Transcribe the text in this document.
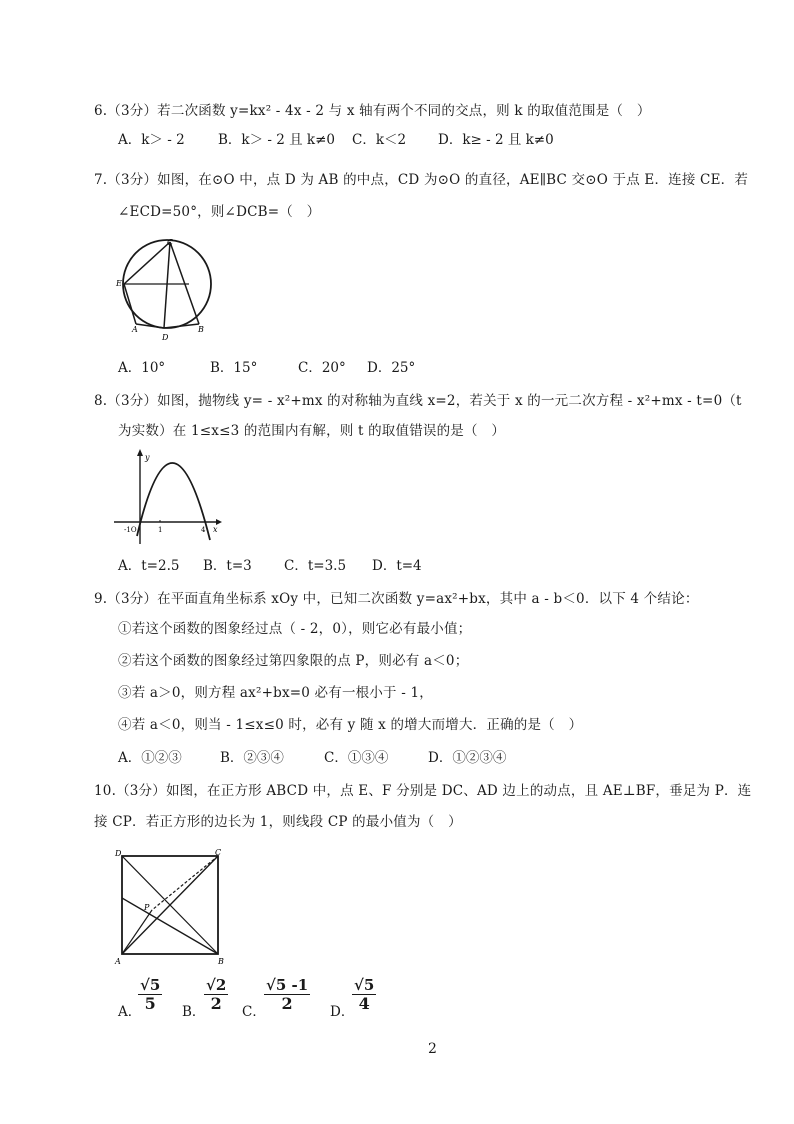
6.（3分）若二次函数 y=kx² - 4x - 2 与 x 轴有两个不同的交点，则 k 的取值范围是（　）
A．k＞ - 2 B．k＞ - 2 且 k≠0 C．k＜2 D．k≥ - 2 且 k≠0
7.（3分）如图，在⊙O 中，点 D 为 AB 的中点，CD 为⊙O 的直径，AE∥BC 交⊙O 于点 E．连接 CE．若
∠ECD=50°，则∠DCB=（　）
C
E
A
D
B
A．10°	B．15°	C．20° D．25°
8.（3分）如图，抛物线 y= - x²+mx 的对称轴为直线 x=2，若关于 x 的一元二次方程 - x²+mx - t=0（t
为实数）在 1≤x≤3 的范围内有解，则 t 的取值错误的是（　）
y
x
-1O	1	4
A．t=2.5 B．t=3 C．t=3.5 D．t=4
9.（3分）在平面直角坐标系 xOy 中，已知二次函数 y=ax²+bx，其中 a - b＜0．以下 4 个结论：
①若这个函数的图象经过点（ - 2，0），则它必有最小值；
②若这个函数的图象经过第四象限的点 P，则必有 a＜0；
③若 a＞0，则方程 ax²+bx=0 必有一根小于 - 1，
④若 a＜0，则当 - 1≤x≤0 时，必有 y 随 x 的增大而增大．正确的是（　）
A．①②③	B．②③④	C．①③④	D．①②③④
10.（3分）如图，在正方形 ABCD 中，点 E、F 分别是 DC、AD 边上的动点，且 AE⊥BF，垂足为 P．连
接 CP．若正方形的边长为 1，则线段 CP 的最小值为（　）
D	C
A	B
P
A．
$\frac{√5}{5}$ B．
$\frac{√2}{2}$ C．
$\frac{√5 -1}{2}$ D．
$\frac{√5}{4}$
2
